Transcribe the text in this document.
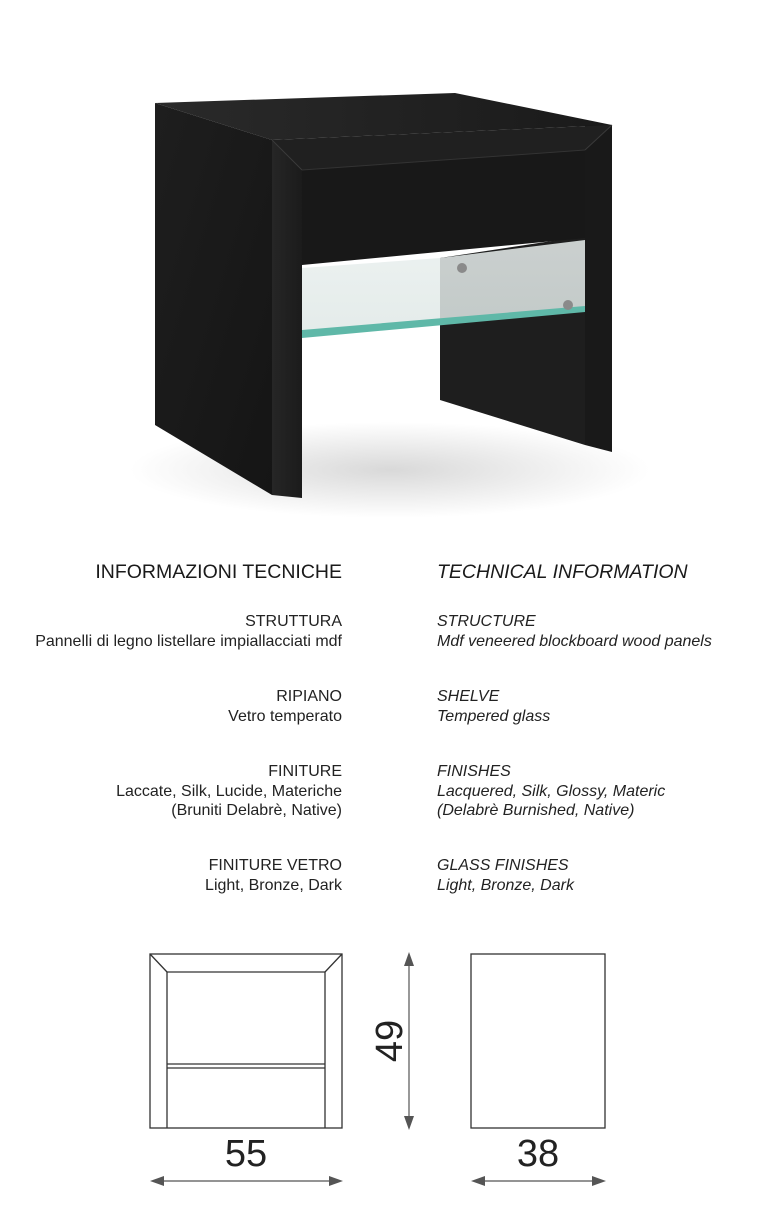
INFORMAZIONI TECNICHE
STRUTTURA
Pannelli di legno listellare impiallacciati mdf
RIPIANO
Vetro temperato
FINITURE
Laccate, Silk, Lucide, Materiche
(Bruniti Delabrè, Native)
FINITURE VETRO
Light, Bronze, Dark
TECHNICAL INFORMATION
STRUCTURE
Mdf veneered blockboard wood panels
SHELVE
Tempered glass
FINISHES
Lacquered, Silk, Glossy, Materic
(Delabrè Burnished, Native)
GLASS FINISHES
Light, Bronze, Dark
49
55	38
